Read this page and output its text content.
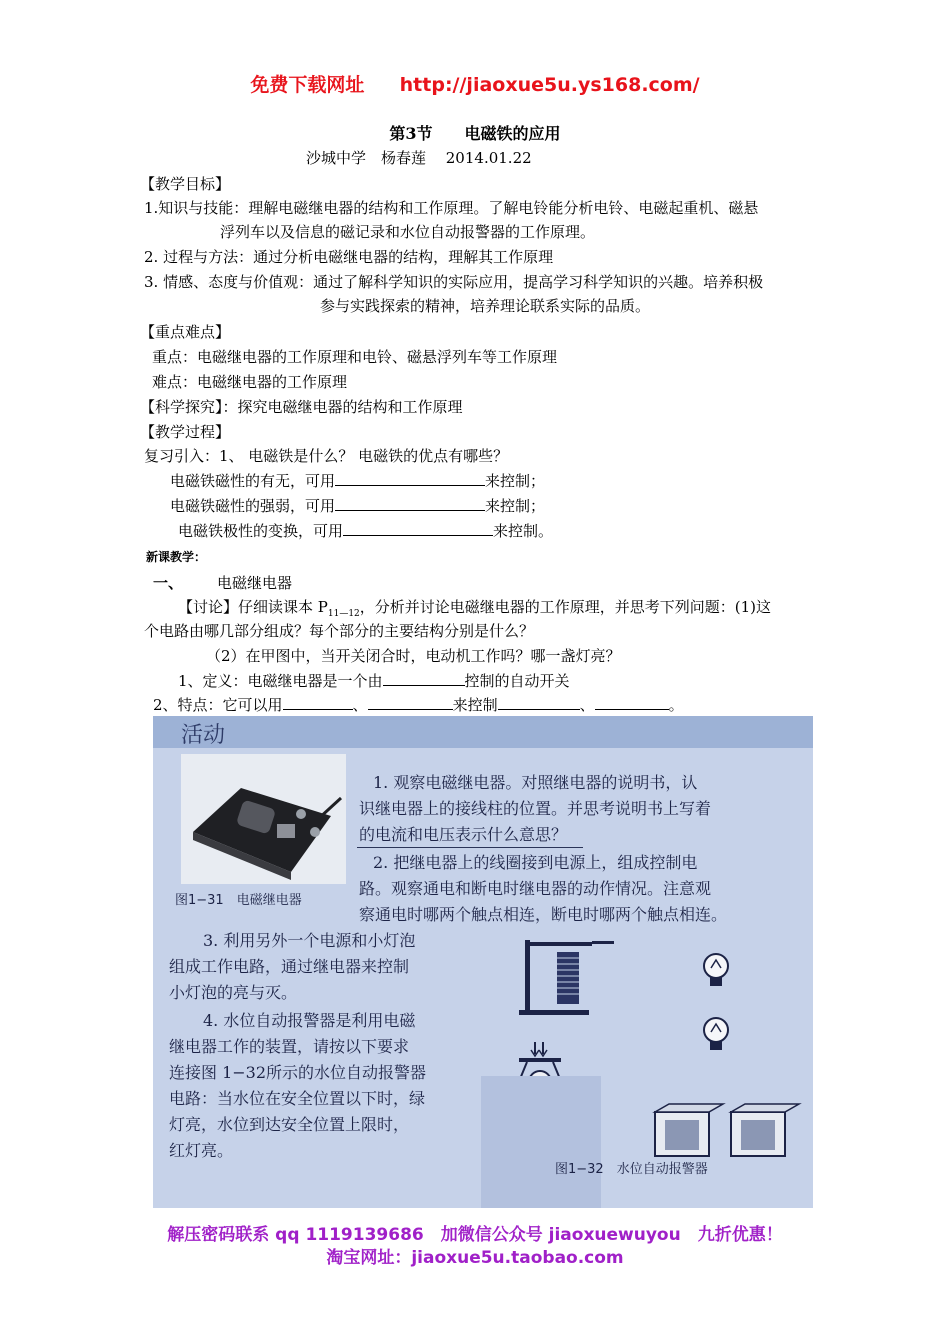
免费下载网址 http://jiaoxue5u.ys168.com/
第3节　　电磁铁的应用
沙城中学　杨春莲　 2014.01.22
【教学目标】
1.知识与技能：理解电磁继电器的结构和工作原理。了解电铃能分析电铃、电磁起重机、磁悬
浮列车以及信息的磁记录和水位自动报警器的工作原理。
2. 过程与方法：通过分析电磁继电器的结构，理解其工作原理
3. 情感、态度与价值观：通过了解科学知识的实际应用，提高学习科学知识的兴趣。培养积极
参与实践探索的精神，培养理论联系实际的品质。
【重点难点】
重点：电磁继电器的工作原理和电铃、磁悬浮列车等工作原理
难点：电磁继电器的工作原理
【科学探究】：探究电磁继电器的结构和工作原理
【教学过程】
复习引入：1、 电磁铁是什么？ 电磁铁的优点有哪些？
电磁铁磁性的有无，可用	来控制；
电磁铁磁性的强弱，可用	来控制；
电磁铁极性的变换，可用	来控制。
新课教学：
一、 电磁继电器
【讨论】仔细读课本 $P_{11—12}$，分析并讨论电磁继电器的工作原理，并思考下列问题：(1)这
个电路由哪几部分组成？每个部分的主要结构分别是什么？
（2）在甲图中，当开关闭合时，电动机工作吗？哪一盏灯亮？
1、定义：电磁继电器是一个由	控制的自动开关
2、特点：它可以用	、	来控制	、	。
活动
图1−31　电磁继电器
1. 观察电磁继电器。对照继电器的说明书，认
识继电器上的接线柱的位置。并思考说明书上写着
的电流和电压表示什么意思？
2. 把继电器上的线圈接到电源上，组成控制电
路。观察通电和断电时继电器的动作情况。注意观
察通电时哪两个触点相连，断电时哪两个触点相连。
3. 利用另外一个电源和小灯泡
组成工作电路，通过继电器来控制
小灯泡的亮与灭。
4. 水位自动报警器是利用电磁
继电器工作的装置，请按以下要求
连接图 1−32所示的水位自动报警器
电路：当水位在安全位置以下时，绿
灯亮，水位到达安全位置上限时，
红灯亮。
图1−32　水位自动报警器
解压密码联系 qq 1119139686　加微信公众号 jiaoxuewuyou　九折优惠！
淘宝网址：jiaoxue5u.taobao.com
